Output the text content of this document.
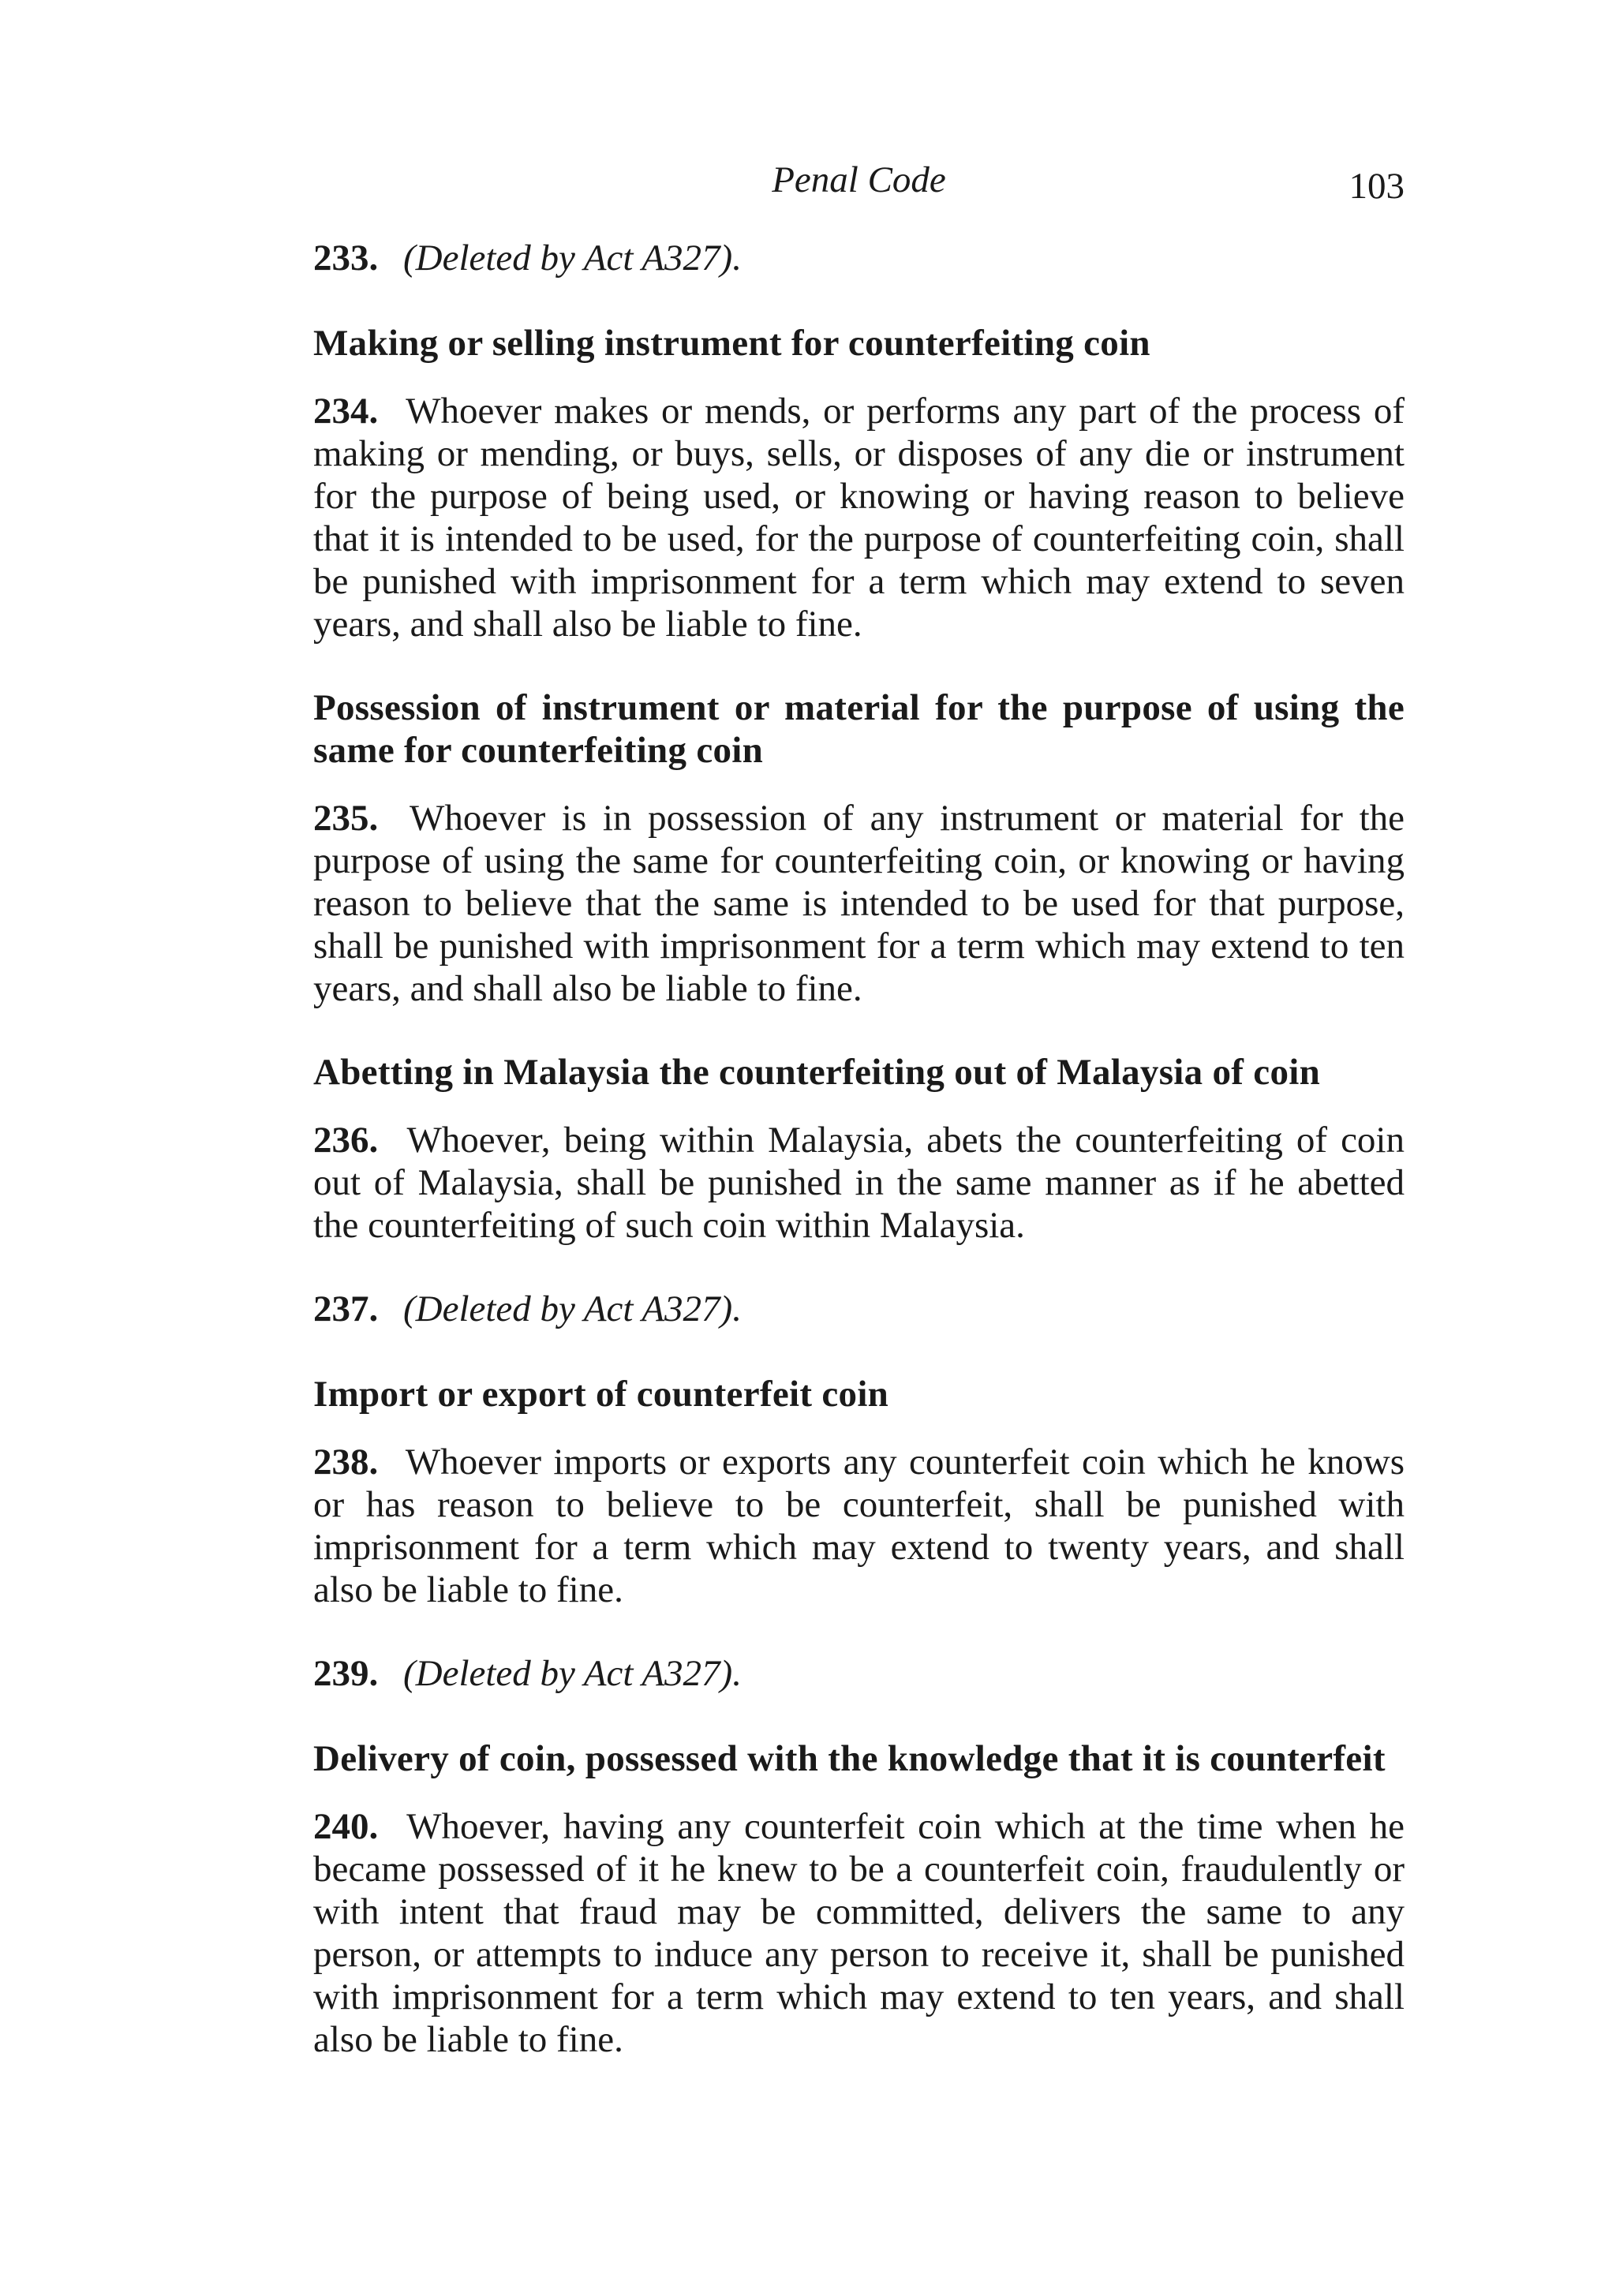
Penal Code	103

233. (Deleted by Act A327).

Making or selling instrument for counterfeiting coin

234. Whoever makes or mends, or performs any part of the process of making or mending, or buys, sells, or disposes of any die or instrument for the purpose of being used, or knowing or having reason to believe that it is intended to be used, for the purpose of counterfeiting coin, shall be punished with imprisonment for a term which may extend to seven years, and shall also be liable to fine.

Possession of instrument or material for the purpose of using the same for counterfeiting coin

235. Whoever is in possession of any instrument or material for the purpose of using the same for counterfeiting coin, or knowing or having reason to believe that the same is intended to be used for that purpose, shall be punished with imprisonment for a term which may extend to ten years, and shall also be liable to fine.

Abetting in Malaysia the counterfeiting out of Malaysia of coin

236. Whoever, being within Malaysia, abets the counterfeiting of coin out of Malaysia, shall be punished in the same manner as if he abetted the counterfeiting of such coin within Malaysia.

237. (Deleted by Act A327).

Import or export of counterfeit coin

238. Whoever imports or exports any counterfeit coin which he knows or has reason to believe to be counterfeit, shall be punished with imprisonment for a term which may extend to twenty years, and shall also be liable to fine.

239. (Deleted by Act A327).

Delivery of coin, possessed with the knowledge that it is counterfeit

240. Whoever, having any counterfeit coin which at the time when he became possessed of it he knew to be a counterfeit coin, fraudulently or with intent that fraud may be committed, delivers the same to any person, or attempts to induce any person to receive it, shall be punished with imprisonment for a term which may extend to ten years, and shall also be liable to fine.
